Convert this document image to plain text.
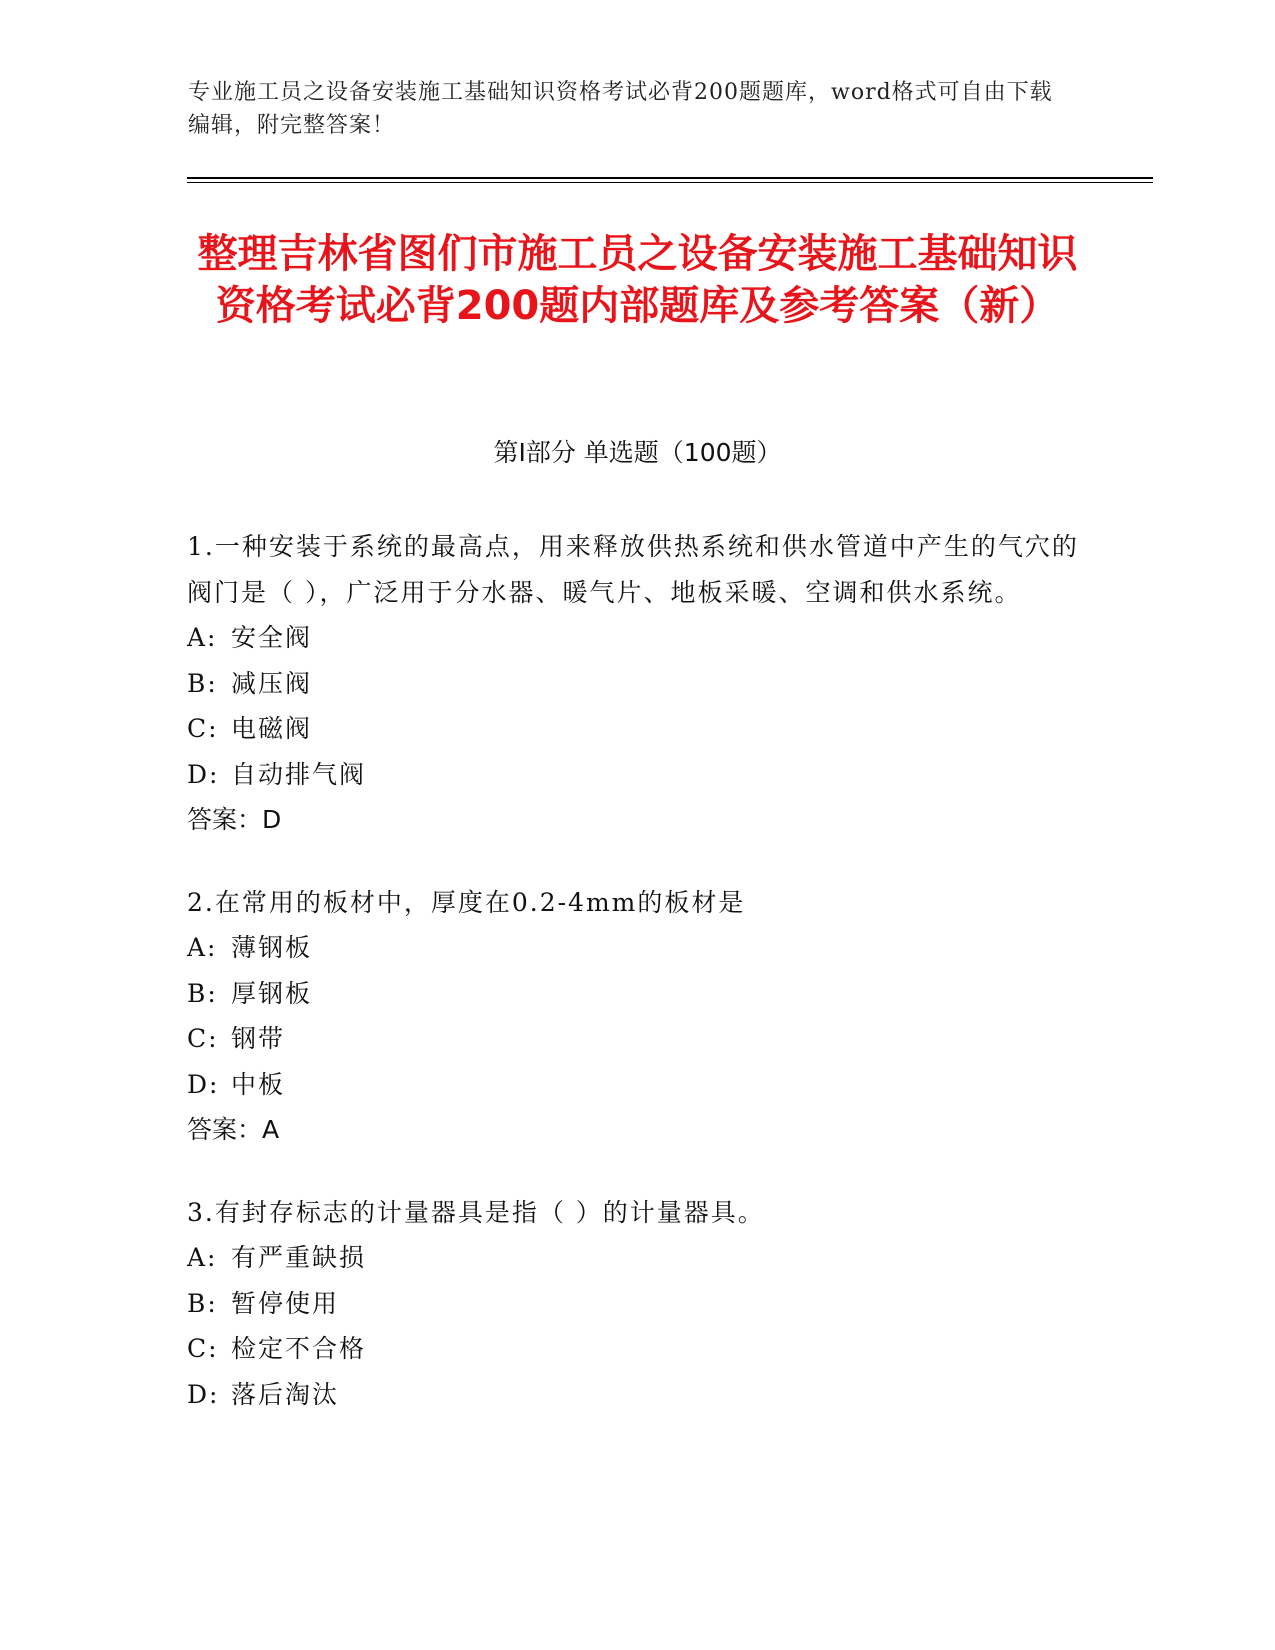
专业施工员之设备安装施工基础知识资格考试必背200题题库，word格式可自由下载编辑，附完整答案！
整理吉林省图们市施工员之设备安装施工基础知识资格考试必背200题内部题库及参考答案（新）
第Ⅰ部分 单选题（100题）
1.一种安装于系统的最高点，用来释放供热系统和供水管道中产生的气穴的阀门是（ ），广泛用于分水器、暖气片、地板采暖、空调和供水系统。
A: 安全阀
B: 减压阀
C: 电磁阀
D: 自动排气阀
答案：D
2.在常用的板材中，厚度在0.2-4mm的板材是
A: 薄钢板
B: 厚钢板
C: 钢带
D: 中板
答案：A
3.有封存标志的计量器具是指（ ）的计量器具。
A: 有严重缺损
B: 暂停使用
C: 检定不合格
D: 落后淘汰
